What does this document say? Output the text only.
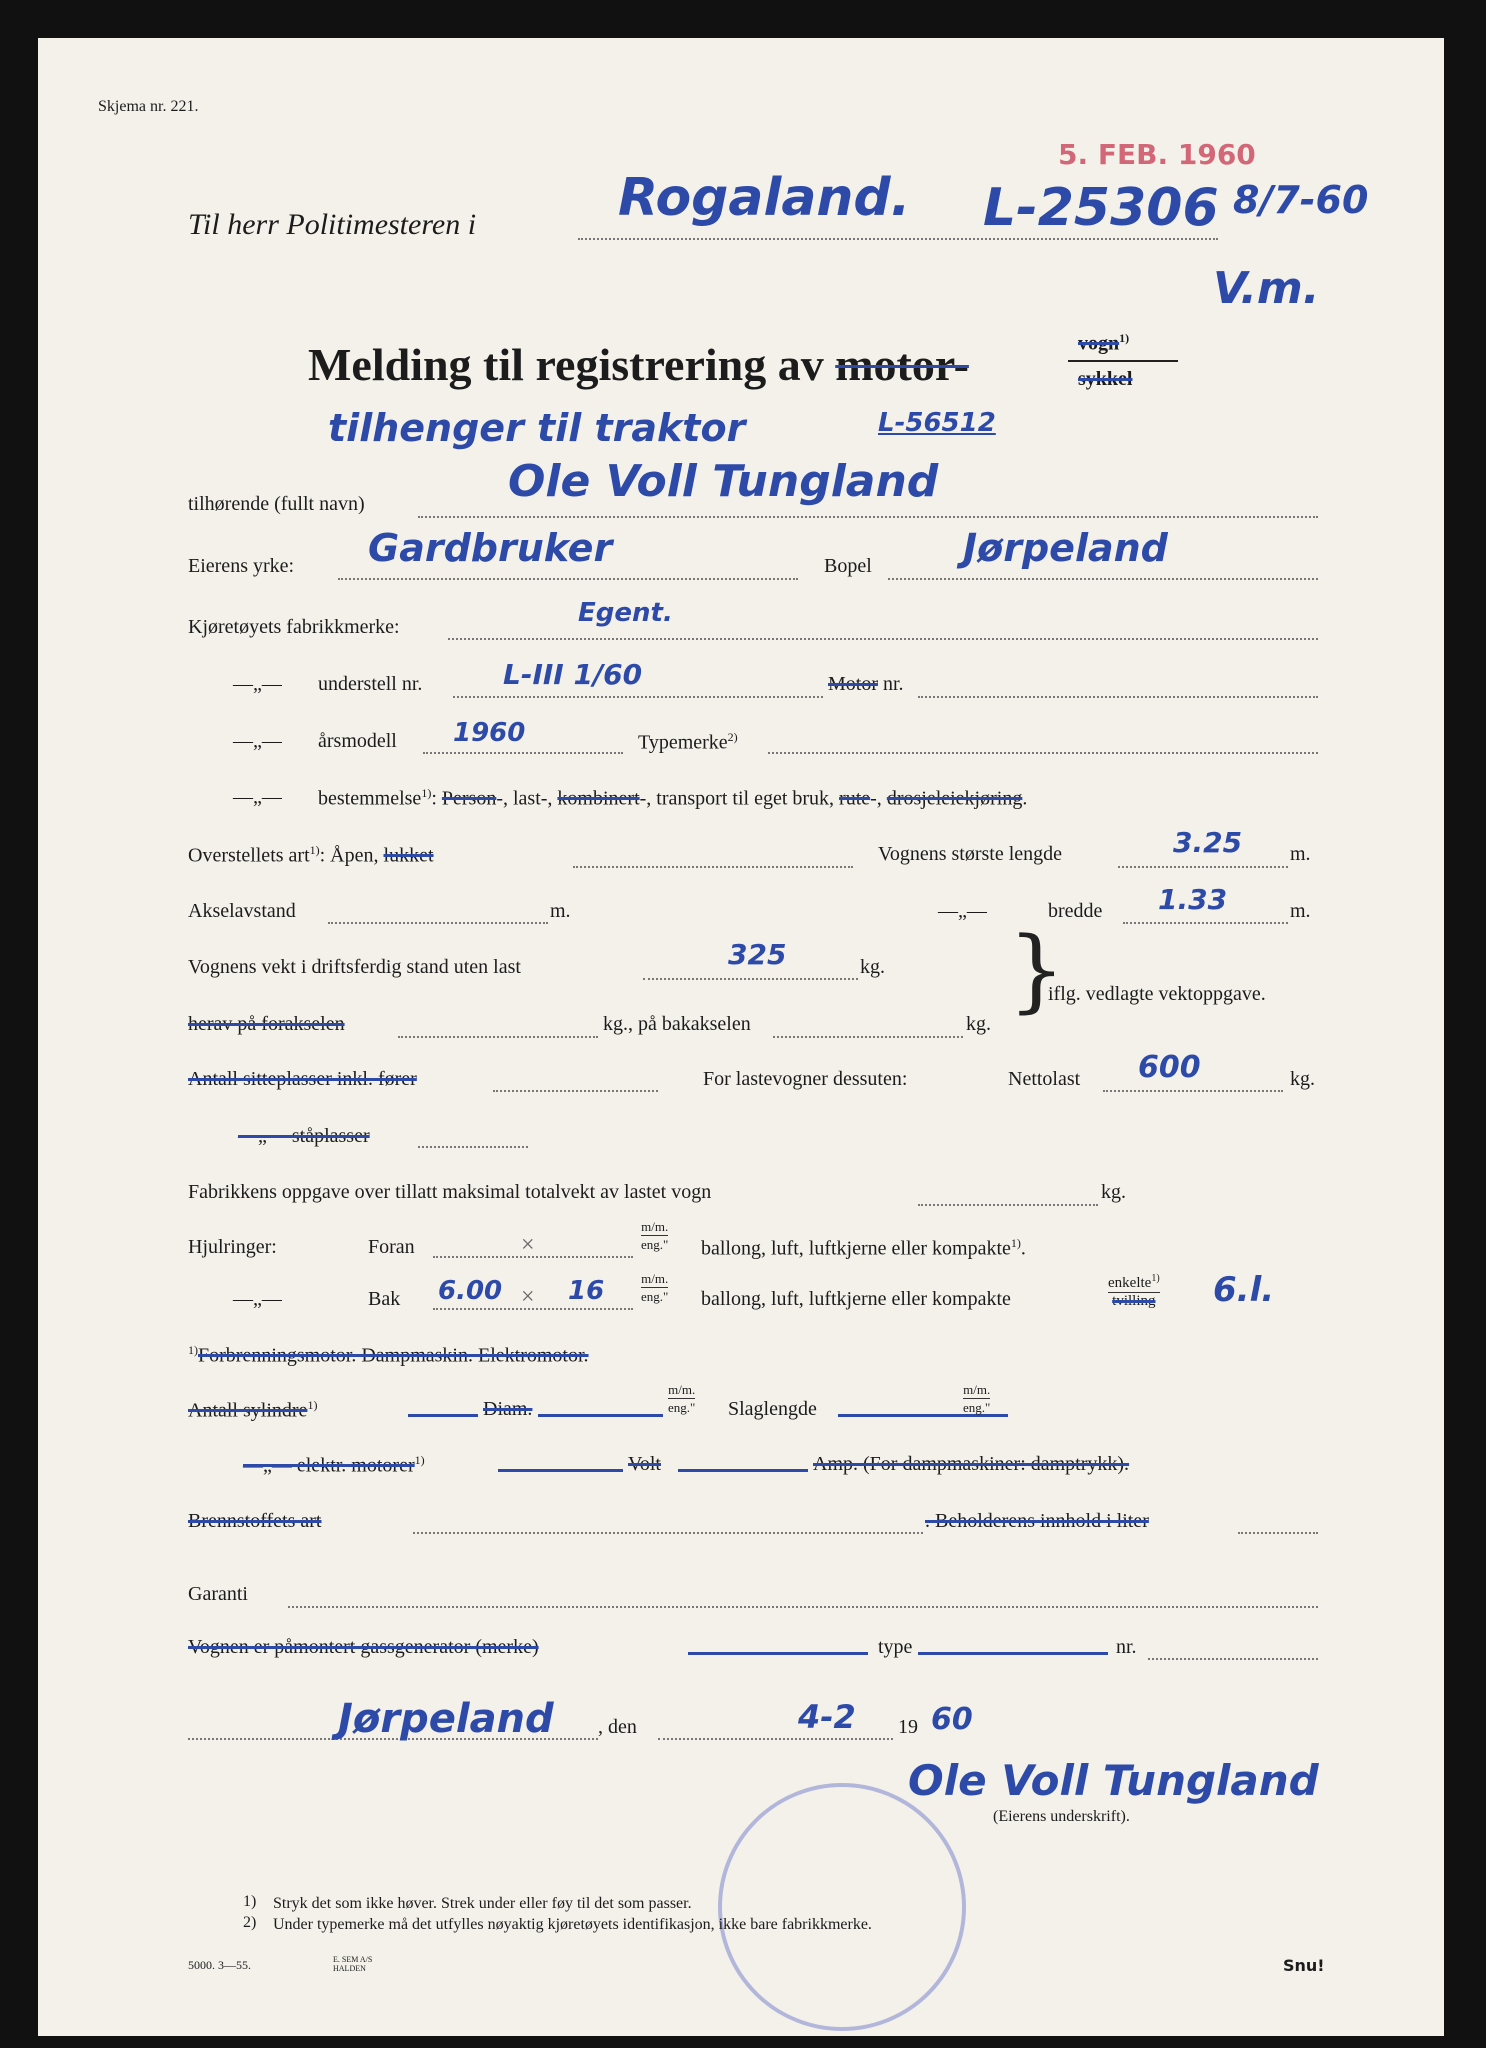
Skjema nr. 221.
5. FEB. 1960
Til herr Politimesteren i	Rogaland. L-25306 8/7-60
V.m.
Melding til registrering av motor-	vogn$^{1)}$
sykkel
tilhenger til traktor	L-56512
tilhørende (fullt navn)	Ole Voll Tungland
Eierens yrke: Gardbruker	Bopel Jørpeland
Kjøretøyets fabrikkmerke:	Egent.
—„— understell nr.	L-III 1/60	Motor nr.
—„— årsmodell 1960	Typemerke$^{2)}$
—„— bestemmelse$^{1)}$: Person-, last-, kombinert-, transport til eget bruk, rute-, drosjeleiekjøring.
Overstellets art$^{1)}$: Åpen, lukket	Vognens største lengde	3.25 m.
Akselavstand	m.	—„—	bredde 1.33	m.
Vognens vekt i driftsferdig stand uten last	325	kg. }
iflg. vedlagte vektoppgave.
herav på forakselen	kg., på bakakselen	kg.
Antall sitteplasser inkl. fører	For lastevogner dessuten:	Nettolast 600	kg.
—„— ståplasser
Fabrikkens oppgave over tillatt maksimal totalvekt av lastet vogn	kg.
Hjulringer:	Foran	×
m/m.
eng." ballong, luft, luftkjerne eller kompakte$^{1)}$.
—„—	Bak 6.00 × 16	m/m.
eng." ballong, luft, luftkjerne eller kompakte
enkelte$^{1)}$
tvilling 6.l.
$^{1)}$Forbrenningsmotor. Dampmaskin. Elektromotor.
Antall sylindre$^{1)}$	Diam.
m/m.
eng." Slaglengde
m/m.
eng."
—„— elektr. motorer$^{1)}$	Volt	Amp. (For dampmaskiner: damptrykk).
Brennstoffets art	. Beholderens innhold i liter
Garanti
Vognen er påmontert gassgenerator (merke)	type	nr.
Jørpeland , den	4-2 19 60
Ole Voll Tungland
(Eierens underskrift).
1) Stryk det som ikke høver. Strek under eller føy til det som passer.
2) Under typemerke må det utfylles nøyaktig kjøretøyets identifikasjon, ikke bare fabrikkmerke.
5000. 3—55.	E. SEM A/S
HALDEN	Snu!
